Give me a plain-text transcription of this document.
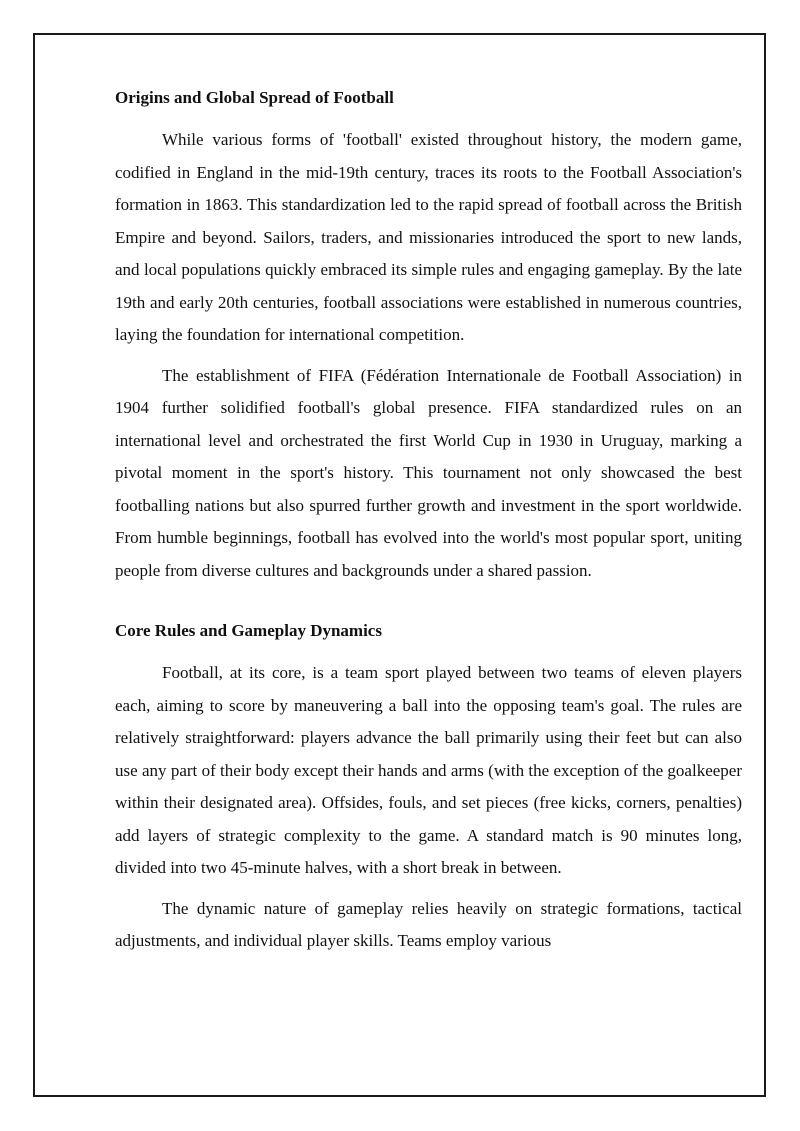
Origins and Global Spread of Football

While various forms of 'football' existed throughout history, the modern game, codified in England in the mid-19th century, traces its roots to the Football Association's formation in 1863. This standardization led to the rapid spread of football across the British Empire and beyond. Sailors, traders, and missionaries introduced the sport to new lands, and local populations quickly embraced its simple rules and engaging gameplay. By the late 19th and early 20th centuries, football associations were established in numerous countries, laying the foundation for international competition.

The establishment of FIFA (Fédération Internationale de Football Association) in 1904 further solidified football's global presence. FIFA standardized rules on an international level and orchestrated the first World Cup in 1930 in Uruguay, marking a pivotal moment in the sport's history. This tournament not only showcased the best footballing nations but also spurred further growth and investment in the sport worldwide. From humble beginnings, football has evolved into the world's most popular sport, uniting people from diverse cultures and backgrounds under a shared passion.

Core Rules and Gameplay Dynamics

Football, at its core, is a team sport played between two teams of eleven players each, aiming to score by maneuvering a ball into the opposing team's goal. The rules are relatively straightforward: players advance the ball primarily using their feet but can also use any part of their body except their hands and arms (with the exception of the goalkeeper within their designated area). Offsides, fouls, and set pieces (free kicks, corners, penalties) add layers of strategic complexity to the game. A standard match is 90 minutes long, divided into two 45-minute halves, with a short break in between.

The dynamic nature of gameplay relies heavily on strategic formations, tactical adjustments, and individual player skills. Teams employ various
